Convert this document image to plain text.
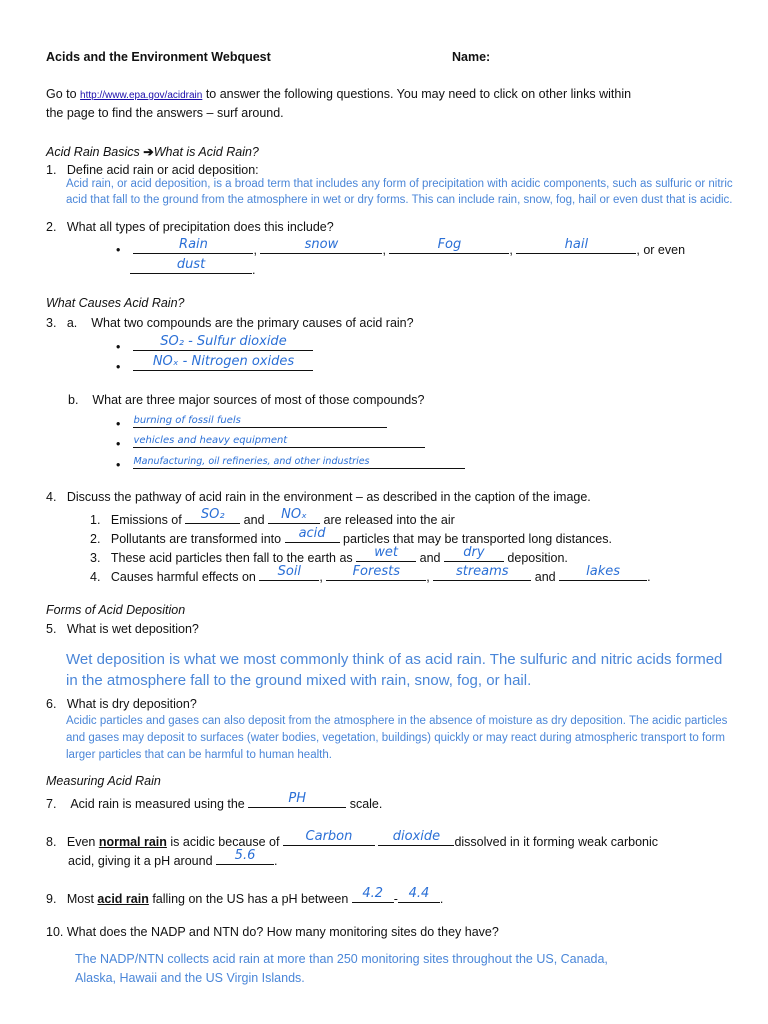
Acids and the Environment Webquest	Name:
Go to http://www.epa.gov/acidrain to answer the following questions. You may need to click on other links within
the page to find the answers – surf around.
Acid Rain Basics ➔What is Acid Rain?
1. Define acid rain or acid deposition:
Acid rain, or acid deposition, is a broad term that includes any form of precipitation with acidic components, such as sulfuric or nitric acid that fall to the ground from the atmosphere in wet or dry forms. This can include rain, snow, fog, hail or even dust that is acidic.
2. What all types of precipitation does this include?
•	Rain	,	snow	,	Fog	,	hail	, or even
dust	.
What Causes Acid Rain?
3. a. What two compounds are the primary causes of acid rain?
•	SO₂ - Sulfur dioxide
•	NOₓ - Nitrogen oxides
b. What are three major sources of most of those compounds?
• burning of fossil fuels
• vehicles and heavy equipment
• Manufacturing, oil refineries, and other industries
4. Discuss the pathway of acid rain in the environment – as described in the caption of the image.
1. Emissions of	SO₂	and	NOₓ	are released into the air
2. Pollutants are transformed into	acid	particles that may be transported long distances.
3. These acid particles then fall to the earth as	wet	and	dry	deposition.
4. Causes harmful effects on	Soil	,	Forests	,	streams	and	lakes	.
Forms of Acid Deposition
5. What is wet deposition?
Wet deposition is what we most commonly think of as acid rain. The sulfuric and nitric acids formed in the atmosphere fall to the ground mixed with rain, snow, fog, or hail.
6. What is dry deposition?
Acidic particles and gases can also deposit from the atmosphere in the absence of moisture as dry deposition. The acidic particles and gases may deposit to surfaces (water bodies, vegetation, buildings) quickly or may react during atmospheric transport to form larger particles that can be harmful to human health.
Measuring Acid Rain
7. Acid rain is measured using the	PH	scale.
8. Even normal rain is acidic because of	Carbon
	dioxide	dissolved in it forming weak carbonic
acid, giving it a pH around	5.6	.
9. Most acid rain falling on the US has a pH between 4.2 - 4.4 .
10. What does the NADP and NTN do? How many monitoring sites do they have?
The NADP/NTN collects acid rain at more than 250 monitoring sites throughout the US, Canada, Alaska, Hawaii and the US Virgin Islands.
